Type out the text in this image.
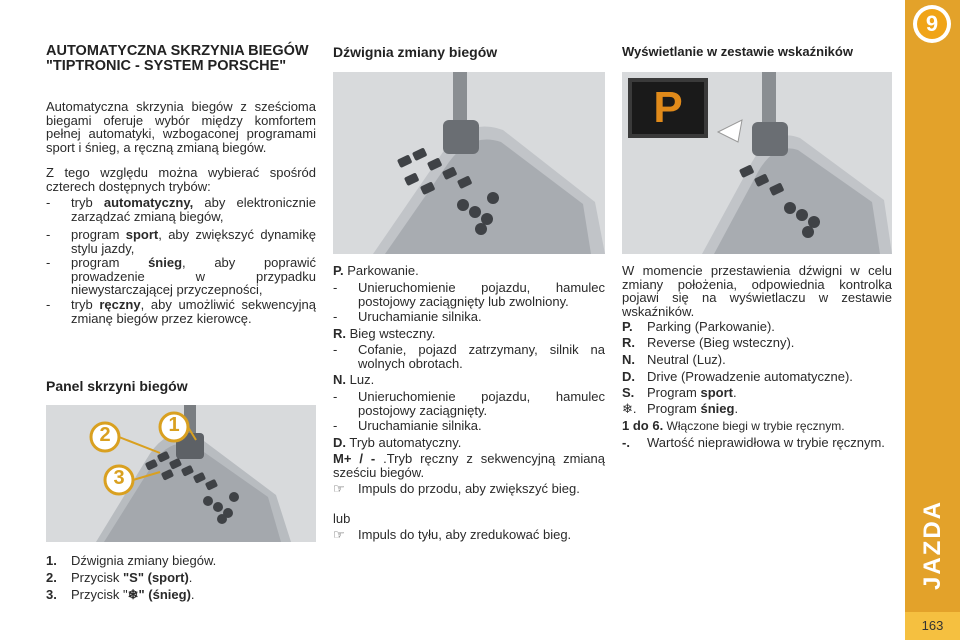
9
JAZDA
163
AUTOMATYCZNA SKRZYNIA BIEGÓW "TIPTRONIC - SYSTEM PORSCHE"
Automatyczna skrzynia biegów z sześcioma biegami oferuje wybór między komfortem pełnej automatyki, wzbogaconej programami sport i śnieg, a ręczną zmianą biegów.
Z tego względu można wybierać spośród czterech dostępnych trybów:
- tryb automatyczny, aby elektronicznie zarządzać zmianą biegów,
- program sport, aby zwiększyć dynamikę stylu jazdy,
- program śnieg, aby poprawić prowadzenie w przypadku niewystarczającej przyczepności,
- tryb ręczny, aby umożliwić sekwencyjną zmianę biegów przez kierowcę.
Panel skrzyni biegów
2	1
3
1. Dźwignia zmiany biegów.
2. Przycisk "S" (sport).
3. Przycisk "❄" (śnieg).
Dźwignia zmiany biegów
P. Parkowanie.
- Unieruchomienie pojazdu, hamulec postojowy zaciągnięty lub zwolniony.
- Uruchamianie silnika.
R. Bieg wsteczny.
- Cofanie, pojazd zatrzymany, silnik na wolnych obrotach.
N. Luz.
- Unieruchomienie pojazdu, hamulec postojowy zaciągnięty.
- Uruchamianie silnika.
D. Tryb automatyczny.
M+ / - .Tryb ręczny z sekwencyjną zmianą sześciu biegów.
☞ Impuls do przodu, aby zwiększyć bieg.
lub
☞ Impuls do tyłu, aby zredukować bieg.
Wyświetlanie w zestawie wskaźników
P
W momencie przestawienia dźwigni w celu zmiany położenia, odpowiednia kontrolka pojawi się na wyświetlaczu w zestawie wskaźników.
P. Parking (Parkowanie).
R. Reverse (Bieg wsteczny).
N. Neutral (Luz).
D. Drive (Prowadzenie automatyczne).
S. Program sport.
❄. Program śnieg.
1 do 6. Włączone biegi w trybie ręcznym.
-. Wartość nieprawidłowa w trybie ręcznym.
